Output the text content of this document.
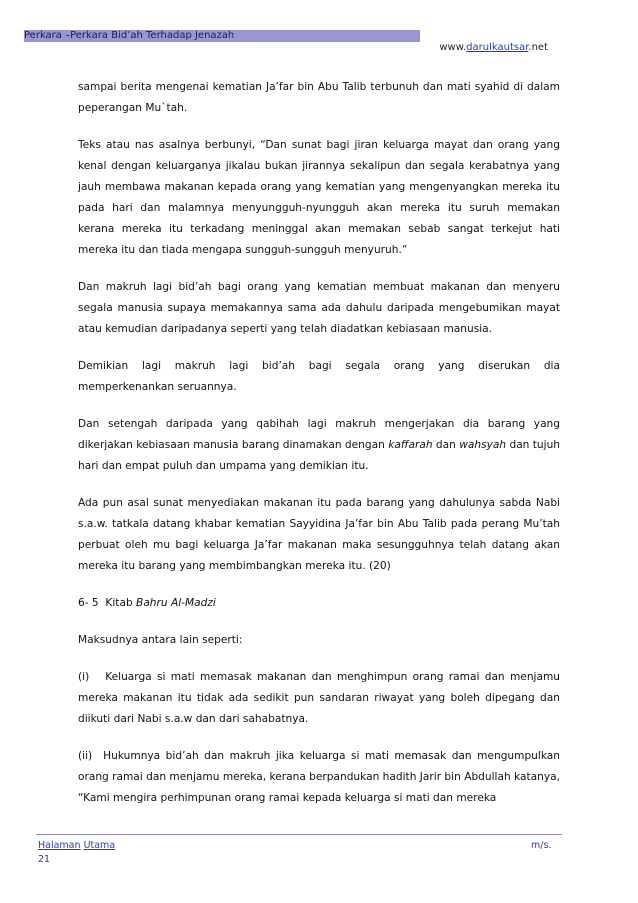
Perkara –Perkara Bid’ah Terhadap Jenazah
www.darulkautsar.net

sampai berita mengenai kematian Ja’far bin Abu Talib terbunuh dan mati syahid di dalam peperangan Mu`tah.

Teks atau nas asalnya berbunyi, “Dan sunat bagi jiran keluarga mayat dan orang yang kenal dengan keluarganya jikalau bukan jirannya sekalipun dan segala kerabatnya yang jauh membawa makanan kepada orang yang kematian yang mengenyangkan mereka itu pada hari dan malamnya menyungguh-nyungguh akan mereka itu suruh memakan kerana mereka itu terkadang meninggal akan memakan sebab sangat terkejut hati mereka itu dan tiada mengapa sungguh-sungguh menyuruh.”

Dan makruh lagi bid’ah bagi orang yang kematian membuat makanan dan menyeru segala manusia supaya memakannya sama ada dahulu daripada mengebumikan mayat atau kemudian daripadanya seperti yang telah diadatkan kebiasaan manusia.

Demikian lagi makruh lagi bid’ah bagi segala orang yang diserukan dia
memperkenankan seruannya.

Dan setengah daripada yang qabihah lagi makruh mengerjakan dia barang yang dikerjakan kebiasaan manusia barang dinamakan dengan kaffarah dan wahsyah dan tujuh hari dan empat puluh dan umpama yang demikian itu.

Ada pun asal sunat menyediakan makanan itu pada barang yang dahulunya sabda Nabi s.a.w. tatkala datang khabar kematian Sayyidina Ja’far bin Abu Talib pada perang Mu’tah perbuat oleh mu bagi keluarga Ja’far makanan maka sesungguhnya telah datang akan mereka itu barang yang membimbangkan mereka itu. (20)

6- 5  Kitab Bahru Al-Madzi

Maksudnya antara lain seperti:

(i)   Keluarga si mati memasak makanan dan menghimpun orang ramai dan menjamu mereka makanan itu tidak ada sedikit pun sandaran riwayat yang boleh dipegang dan diikuti dari Nabi s.a.w dan dari sahabatnya.

(ii)  Hukumnya bid’ah dan makruh jika keluarga si mati memasak dan mengumpulkan orang ramai dan menjamu mereka, kerana berpandukan hadith Jarir bin Abdullah katanya, “Kami mengira perhimpunan orang ramai kepada keluarga si mati dan mereka

Halaman Utama
21
m/s.
